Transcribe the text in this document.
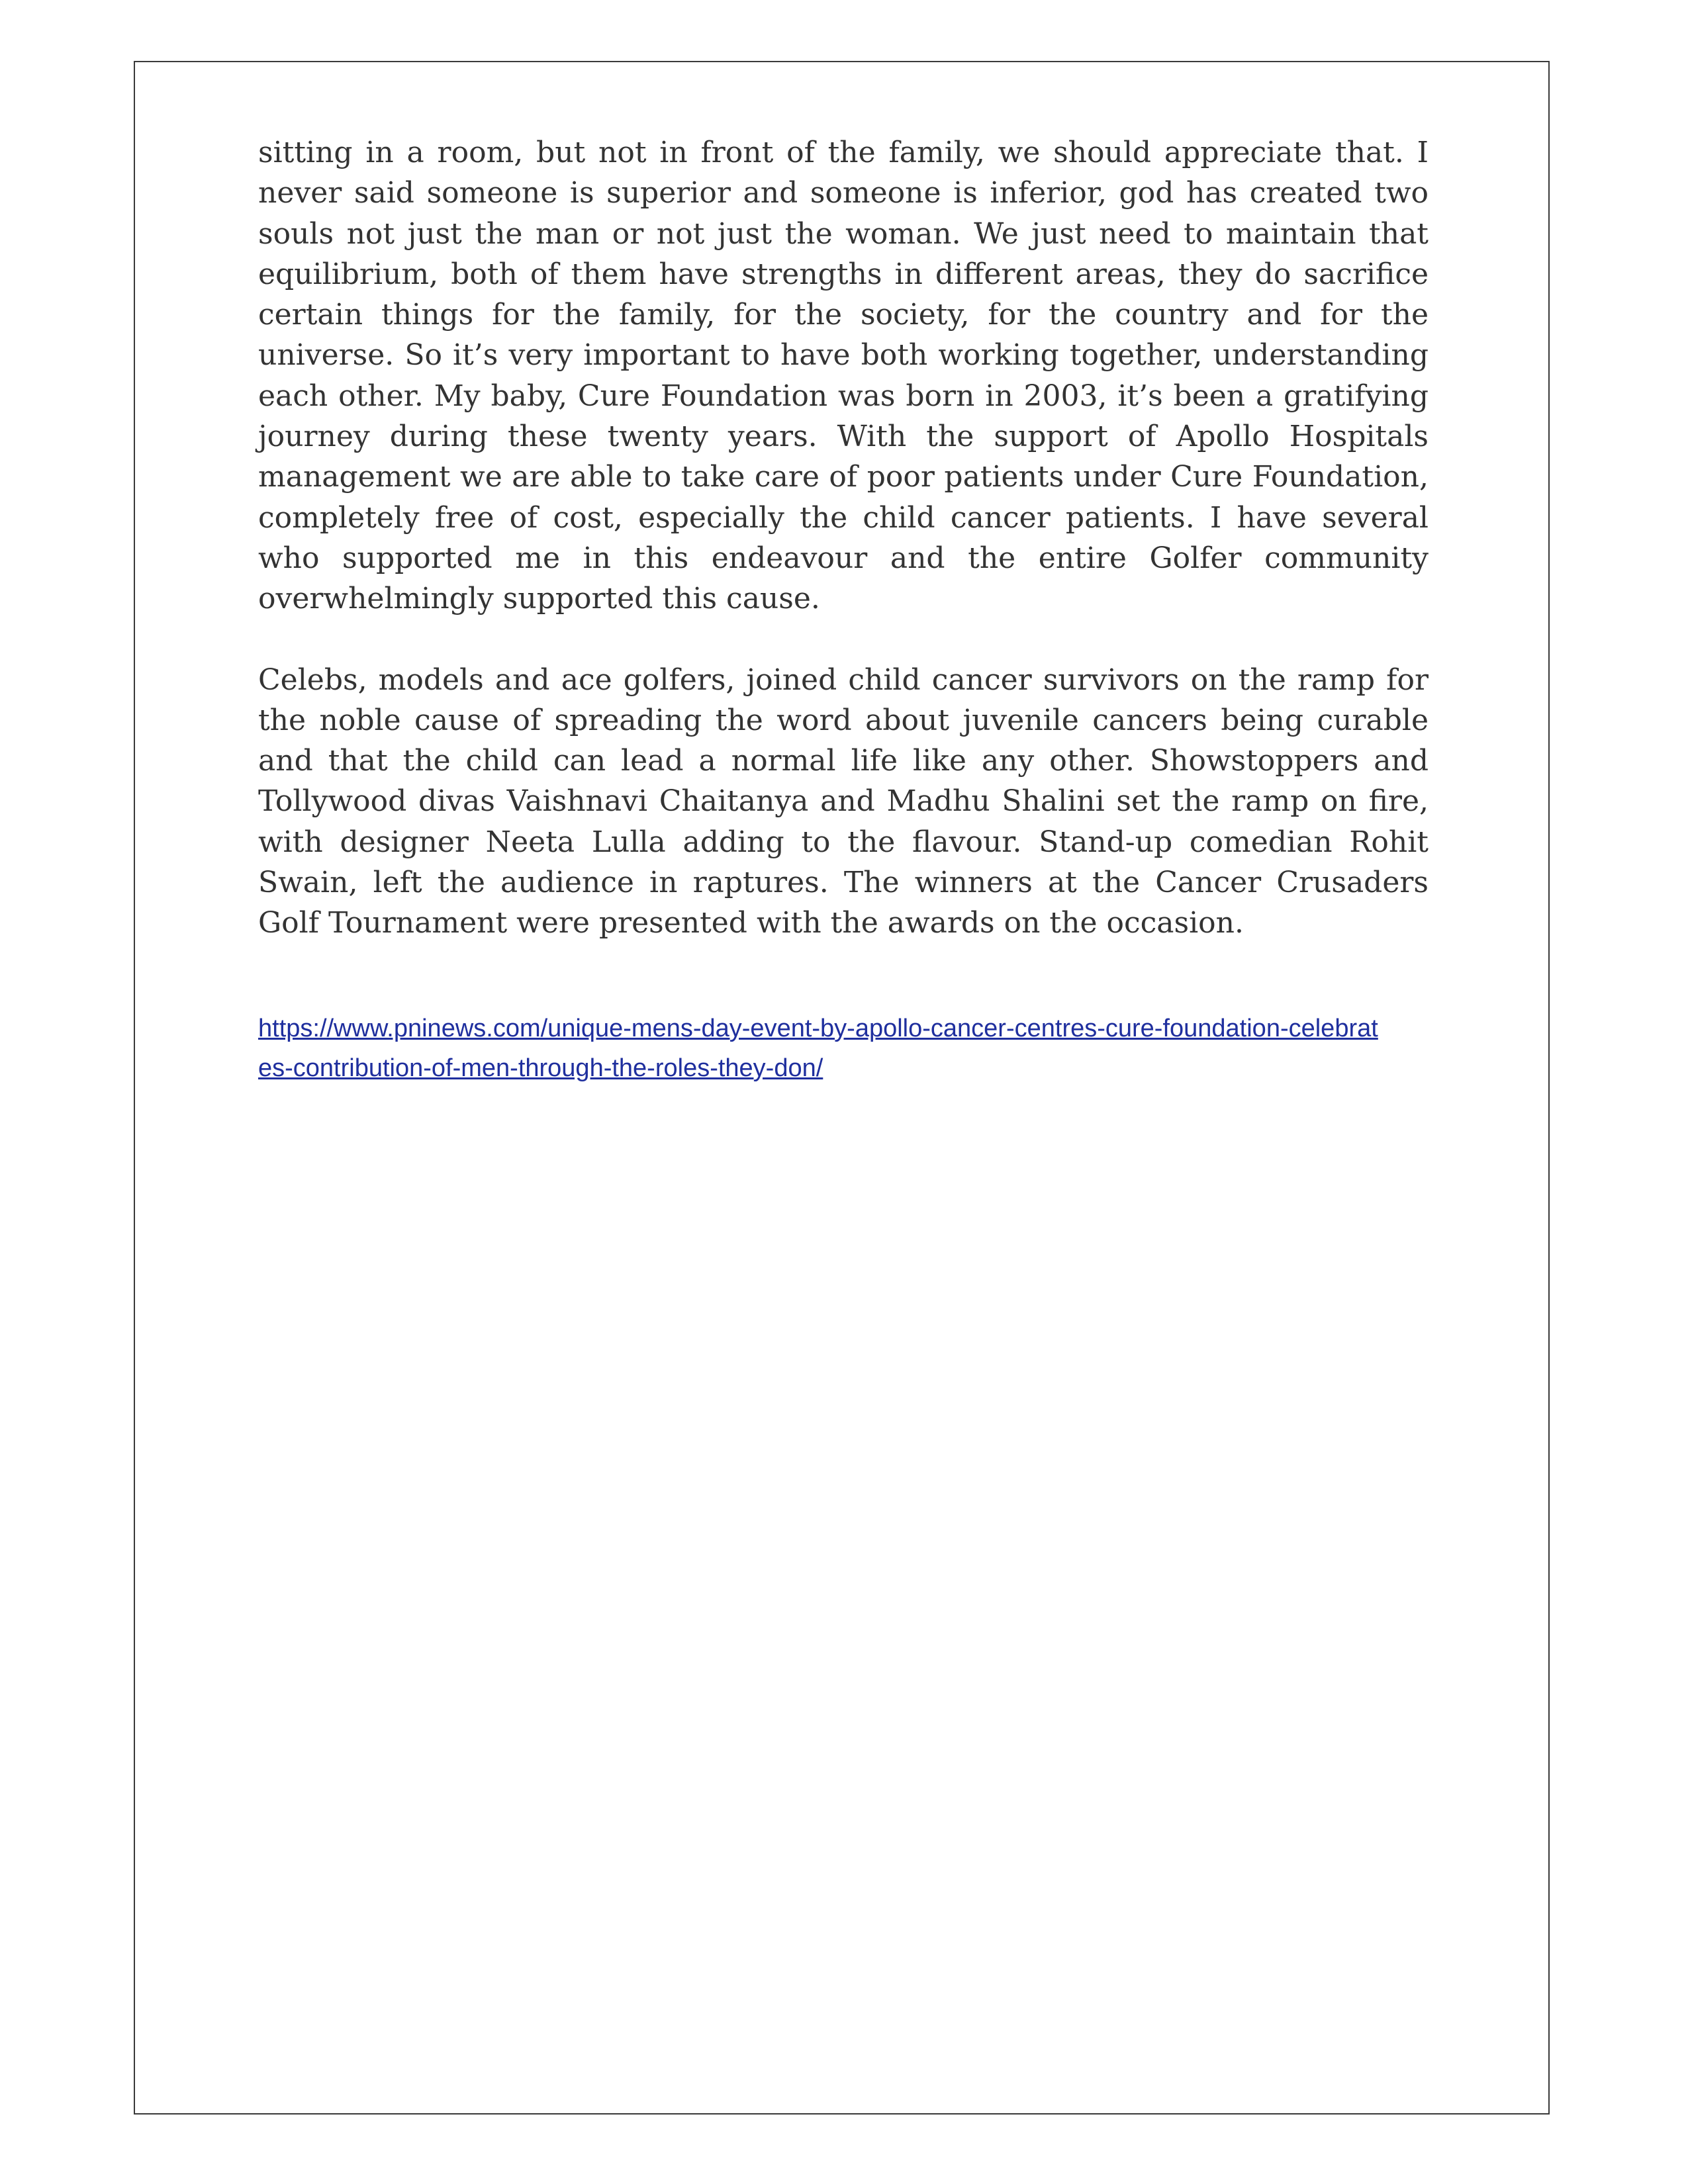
sitting in a room, but not in front of the family, we should appreciate that. I never said someone is superior and someone is inferior, god has created two souls not just the man or not just the woman. We just need to maintain that equilibrium, both of them have strengths in different areas, they do sacrifice certain things for the family, for the society, for the country and for the universe. So it’s very important to have both working together, understanding each other. My baby, Cure Foundation was born in 2003, it’s been a gratifying journey during these twenty years. With the support of Apollo Hospitals management we are able to take care of poor patients under Cure Foundation, completely free of cost, especially the child cancer patients. I have several who supported me in this endeavour and the entire Golfer community overwhelmingly supported this cause.

Celebs, models and ace golfers, joined child cancer survivors on the ramp for the noble cause of spreading the word about juvenile cancers being curable and that the child can lead a normal life like any other. Showstoppers and Tollywood divas Vaishnavi Chaitanya and Madhu Shalini set the ramp on fire, with designer Neeta Lulla adding to the flavour. Stand-up comedian Rohit Swain, left the audience in raptures. The winners at the Cancer Crusaders Golf Tournament were presented with the awards on the occasion.

https://www.pninews.com/unique-mens-day-event-by-apollo-cancer-centres-cure-foundation-celebrates-contribution-of-men-through-the-roles-they-don/
